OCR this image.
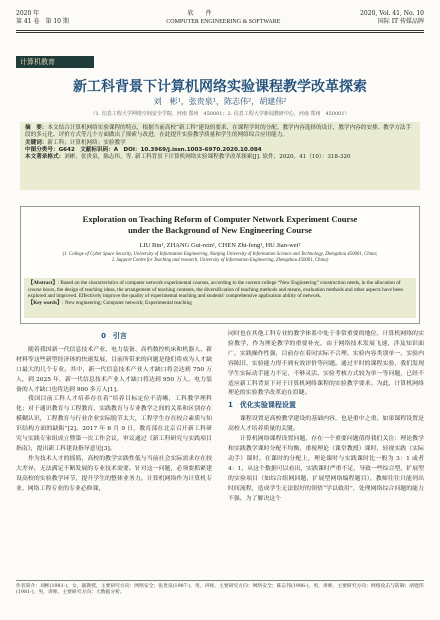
2020 年	软　　件	2020, Vol. 41, No. 10
第 41 卷　第 10 期	COMPUTER ENGINEERING & SOFTWARE	国际 IT 传媒品牌
计算机教育
新工科背景下计算机网络实验课程教学改革探索
刘　彬¹，张贵泉¹，陈志伟²，胡建伟²
（1. 信息工程大学网络空间安全学院，河南 郑州　450001；2. 信息工程大学新闻教研中心，河南 郑州　450001）
摘　要：本文结合计算机网络实验课程的特点，根据当前高校“新工科”建设的要求，在课程学时的分配、教学内容选择的设计，教学内容的安排、教学方法手段的多元化、评价方式等几个方面做出了探索与改进，在此提升实验教学质量和学生的网络综合应用能力。
关键词：新工科；计算机网络；实验教学
中图分类号：G642 文献标识码：A DOI：10.3969/j.issn.1003-6970.2020.10.084
本文著录格式：刘彬，张贵泉，陈志伟，等. 新工科背景下计算机网络实验课程教学改革探索[J]. 软件，2020，41（10）：318-320
Exploration on Teaching Reform of Computer Network Experiment Course
under the Background of New Engineering Course
LIU Bin¹, ZHANG Gui-rein¹, CHEN Zhi-feng¹, HU Jian-wei²
(1. College of Cyber Space Security, University of Information Engineering, Nanjing University of Information Science and Technology, Zhengzhou 450001, China;
2. Support Centre for Teaching and research, University of Information Engineering, Zhengzhou 450001, China)
【Abstract】: Based on the characteristics of computer network experimental courses, according to the current college “New Engineering” construction needs, in the allocation of course hours, the design of teaching ideas, the arrangement of teaching contents, the diversification of teaching methods and means, evaluation methods and other aspects have been explored and improved. Effectively improve the quality of experimental teaching and students' comprehensive application ability of network.
【Key words】: New engineering; Computer network; Experimental teaching
0　引言
随着我国新一代信息技术产业、电力装备、高档数控机床和机器人、新材料等这些新型经济体的快速发展，目前所带来的问题是他们将成为人才缺口最大的几个专业。其中，新一代信息技术产业人才缺口将会达到 750 万人，到 2025 年，新一代信息技术产业人才缺口将达到 950 万人，电力装备的人才缺口也将达到 900 多万人[1]。
我国目前工科人才培养存在着“培养目标定位不清晰，工科教学理科化；对于通识教育与工程教育、实践教育与专业教学之间的关系和区别存在模糊认识，工程教育与行业企业实际脱节太大，工程学生存在较合素质与知识结构方面的缺陷”[2]。2017 年 6 月 9 日，教育部在北京召开新工科研究与实践专家组成立暨第一次工作会议，审议通过《新工科研究与实践项目指南》，提出新工科建设指导意见[3]。
作为技术人才的摇篮，高校的教学实践性低与当前社会实际需求存在较大差异，无法满足不断发展的专业技术需要。针对这一问题，必须要抓紧建设高校的实验教学环节，提升学生的整体业务力。计算机网络作为计算机专业、网络工程专业的专业必修课，
同时也在其他工科专业的教学体系中处于非常重要的地位。计算机网络的实验教学，作为理论教学的重要补充，由于网络技术发展飞速，涉及知识面广，实践操作性强，目前存在着同实际不合理、实验内容类别单一、实验内容陈旧、实验能力得不到有效评价等问题。通过平时的课程实验，我们发现学生实际动手能力不足，不够灵活、实验考核方式较为单一等问题，已经不适应新工科背景下对于计算机网络课程的实验教学要求。为此，计算机网络理论的实验教学改革迫在眉睫。
1　优化实验课程设置
课程设置是高校教学建设的基础内容，也是重中之重。如果课程设置是高校人才培养质量的关键。
计算机网络课程设置问题，存在一个重要问题值得我们关注：理论教学和实践教学课时分配不均衡，重视理论（课堂教授）课时，轻视实践（实际动手）课时。在课时的分配上，理论课时与实践课时比一般为 3：1 或者 4：1，从这个数据可以看出，实践课时严重不足，导致一些综合型、扩展型的实验项目（如综合组网回题，扩展型网络编程题目），教师往往只能列出时间流程，造成学生无法很好的领悟“学以致用”，处理网络综合问题的能力不强。为了解决这个
作者简介：刘彬(1981-)，女，副教授，主要研究方向：网络安全；张贵泉(1987-)，男，讲师，主要研究方向：网络安全；陈志伟(1986-)，男，讲师，主要研究方向：网络攻击与防御；胡建伟(1981-)，男，讲师，主要研究方向：大数据分析。
